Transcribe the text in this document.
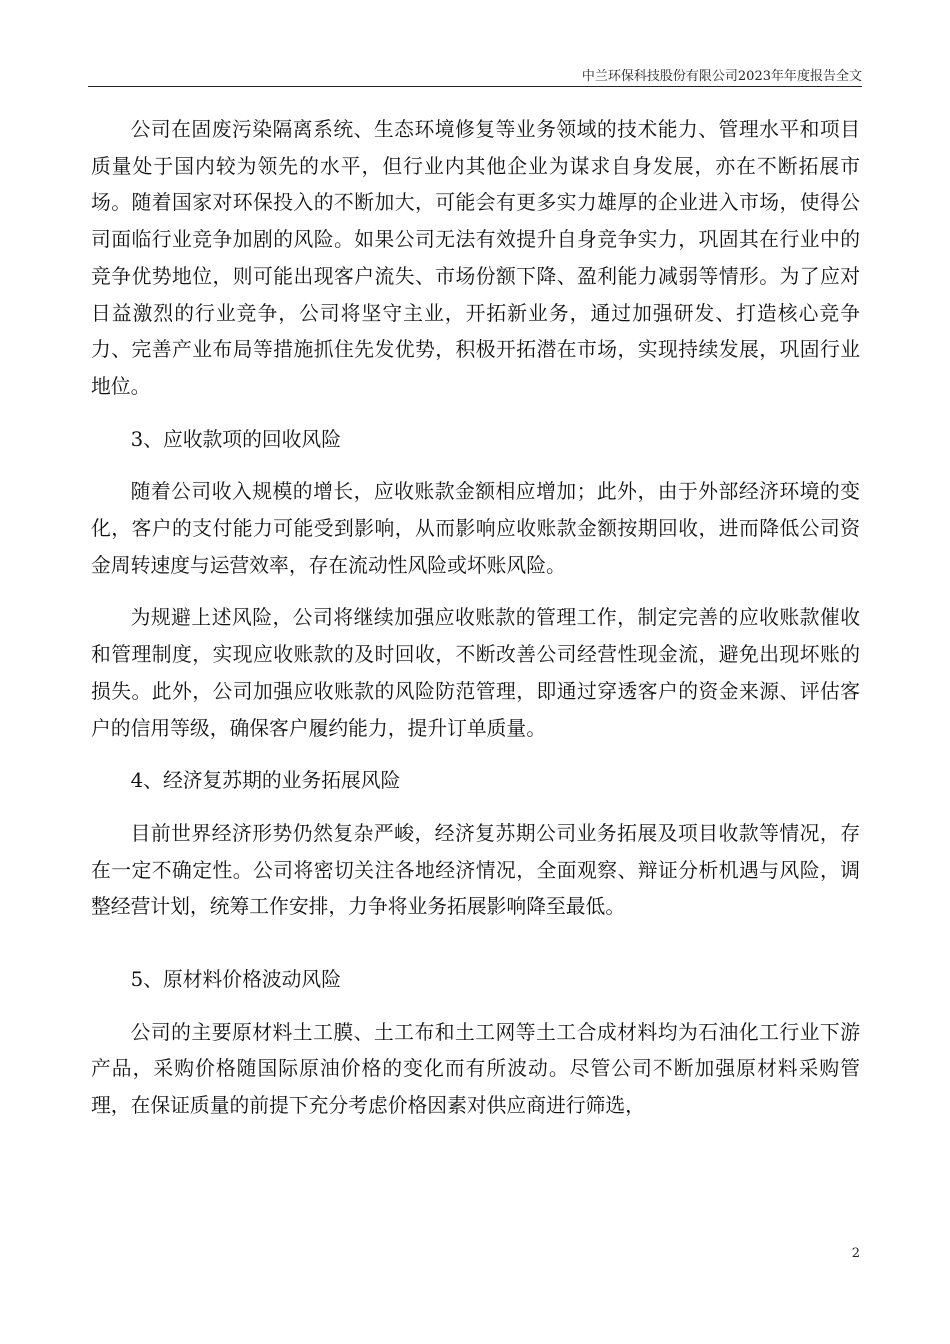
中兰环保科技股份有限公司2023年年度报告全文

公司在固废污染隔离系统、生态环境修复等业务领域的技术能力、管理水平和项目质量处于国内较为领先的水平，但行业内其他企业为谋求自身发展，亦在不断拓展市场。随着国家对环保投入的不断加大，可能会有更多实力雄厚的企业进入市场，使得公司面临行业竞争加剧的风险。如果公司无法有效提升自身竞争实力，巩固其在行业中的竞争优势地位，则可能出现客户流失、市场份额下降、盈利能力减弱等情形。为了应对日益激烈的行业竞争，公司将坚守主业，开拓新业务，通过加强研发、打造核心竞争力、完善产业布局等措施抓住先发优势，积极开拓潜在市场，实现持续发展，巩固行业地位。

3、应收款项的回收风险

随着公司收入规模的增长，应收账款金额相应增加；此外，由于外部经济环境的变化，客户的支付能力可能受到影响，从而影响应收账款金额按期回收，进而降低公司资金周转速度与运营效率，存在流动性风险或坏账风险。

为规避上述风险，公司将继续加强应收账款的管理工作，制定完善的应收账款催收和管理制度，实现应收账款的及时回收，不断改善公司经营性现金流，避免出现坏账的损失。此外，公司加强应收账款的风险防范管理，即通过穿透客户的资金来源、评估客户的信用等级，确保客户履约能力，提升订单质量。

4、经济复苏期的业务拓展风险

目前世界经济形势仍然复杂严峻，经济复苏期公司业务拓展及项目收款等情况，存在一定不确定性。公司将密切关注各地经济情况，全面观察、辩证分析机遇与风险，调整经营计划，统筹工作安排，力争将业务拓展影响降至最低。

5、原材料价格波动风险

公司的主要原材料土工膜、土工布和土工网等土工合成材料均为石油化工行业下游产品，采购价格随国际原油价格的变化而有所波动。尽管公司不断加强原材料采购管理，在保证质量的前提下充分考虑价格因素对供应商进行筛选，

2
